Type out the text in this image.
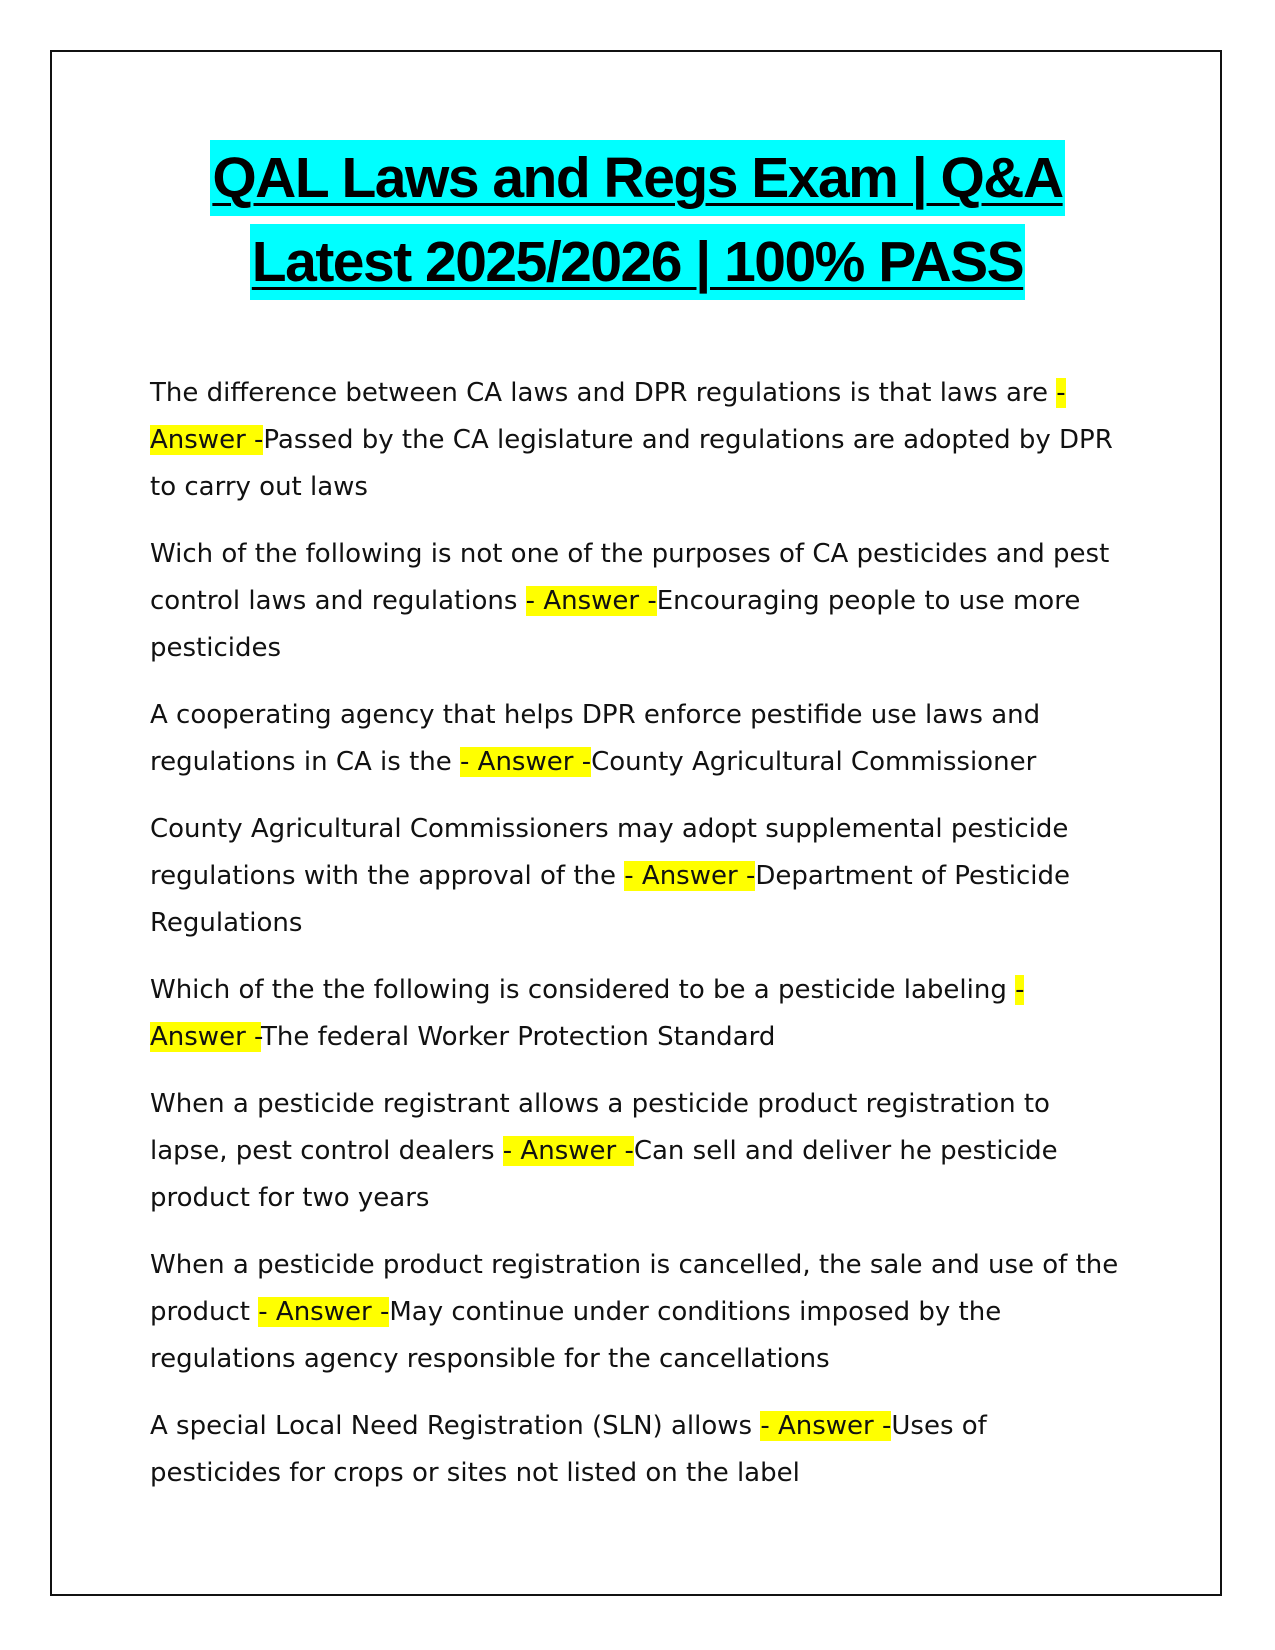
QAL Laws and Regs Exam | Q&A
Latest 2025/2026 | 100% PASS

The difference between CA laws and DPR regulations is that laws are - Answer -Passed by the CA legislature and regulations are adopted by DPR to carry out laws

Wich of the following is not one of the purposes of CA pesticides and pest control laws and regulations - Answer -Encouraging people to use more pesticides

A cooperating agency that helps DPR enforce pestifide use laws and regulations in CA is the - Answer -County Agricultural Commissioner

County Agricultural Commissioners may adopt supplemental pesticide regulations with the approval of the - Answer -Department of Pesticide Regulations

Which of the the following is considered to be a pesticide labeling - Answer -The federal Worker Protection Standard

When a pesticide registrant allows a pesticide product registration to lapse, pest control dealers - Answer -Can sell and deliver he pesticide product for two years

When a pesticide product registration is cancelled, the sale and use of the product - Answer -May continue under conditions imposed by the regulations agency responsible for the cancellations

A special Local Need Registration (SLN) allows - Answer -Uses of pesticides for crops or sites not listed on the label
